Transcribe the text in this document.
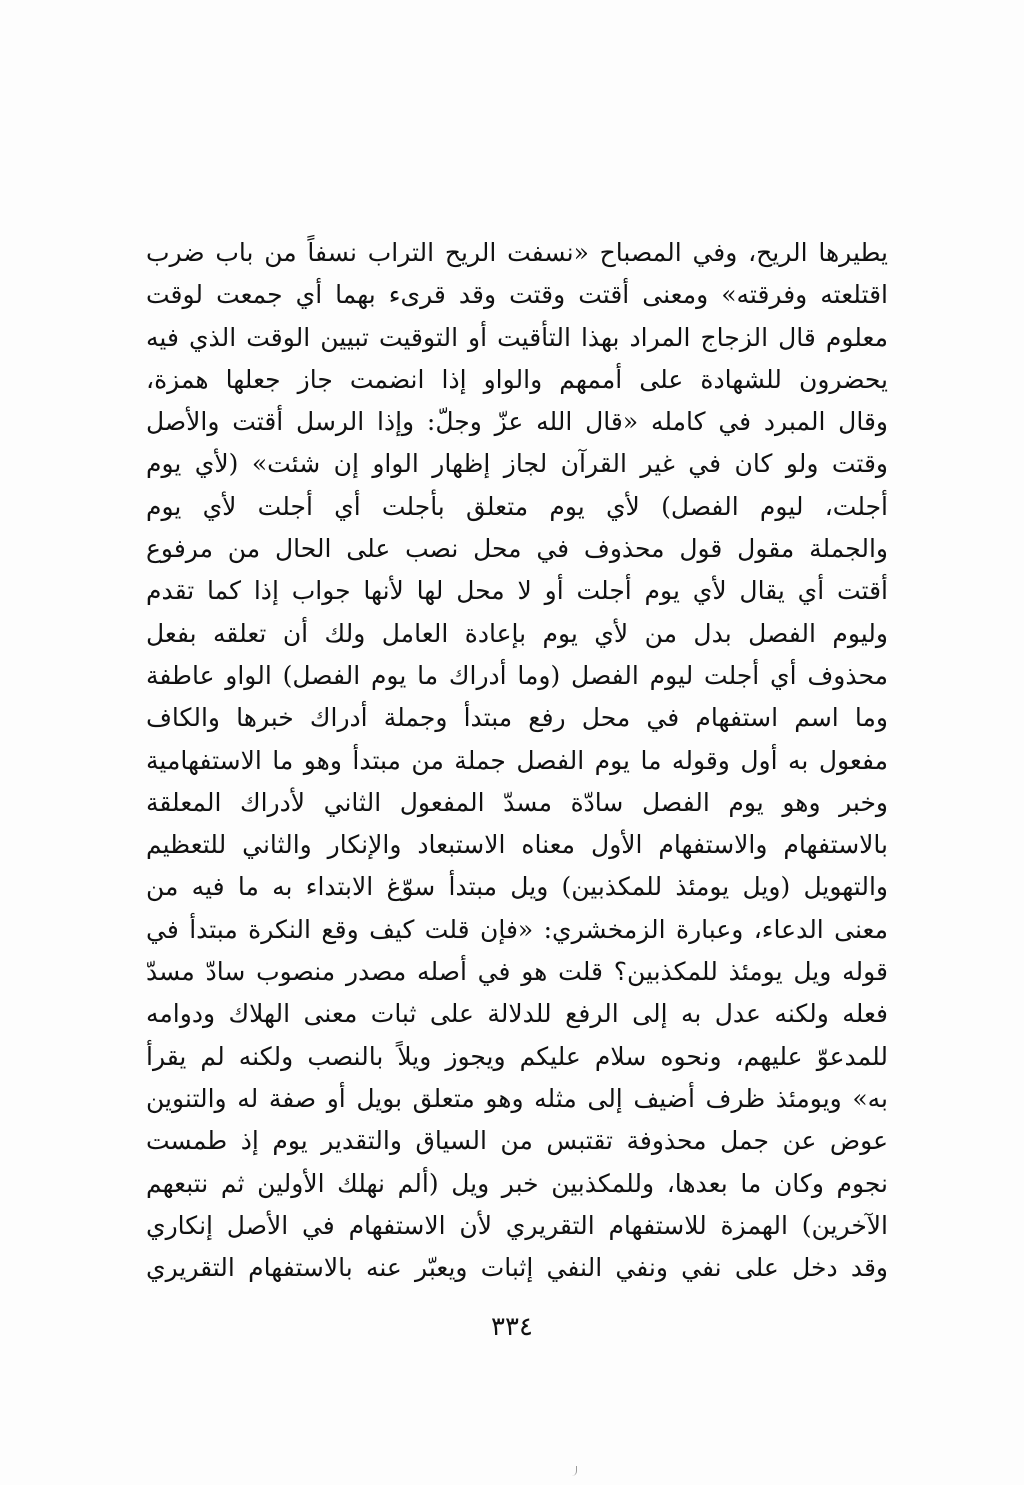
يطيرها الريح، وفي المصباح «نسفت الريح التراب نسفاً من باب ضرب
اقتلعته وفرقته» ومعنى أقتت وقتت وقد قرىء بهما أي جمعت لوقت
معلوم قال الزجاج المراد بهذا التأقيت أو التوقيت تبيين الوقت الذي فيه
يحضرون للشهادة على أممهم والواو إذا انضمت جاز جعلها همزة،
وقال المبرد في كامله «قال الله عزّ وجلّ: وإذا الرسل أقتت والأصل
وقتت ولو كان في غير القرآن لجاز إظهار الواو إن شئت» (لأي يوم
أجلت، ليوم الفصل) لأي يوم متعلق بأجلت أي أجلت لأي يوم
والجملة مقول قول محذوف في محل نصب على الحال من مرفوع
أقتت أي يقال لأي يوم أجلت أو لا محل لها لأنها جواب إذا كما تقدم
وليوم الفصل بدل من لأي يوم بإعادة العامل ولك أن تعلقه بفعل
محذوف أي أجلت ليوم الفصل (وما أدراك ما يوم الفصل) الواو عاطفة
وما اسم استفهام في محل رفع مبتدأ وجملة أدراك خبرها والكاف
مفعول به أول وقوله ما يوم الفصل جملة من مبتدأ وهو ما الاستفهامية
وخبر وهو يوم الفصل سادّة مسدّ المفعول الثاني لأدراك المعلقة
بالاستفهام والاستفهام الأول معناه الاستبعاد والإنكار والثاني للتعظيم
والتهويل (ويل يومئذ للمكذبين) ويل مبتدأ سوّغ الابتداء به ما فيه من
معنى الدعاء، وعبارة الزمخشري: «فإن قلت كيف وقع النكرة مبتدأ في
قوله ويل يومئذ للمكذبين؟ قلت هو في أصله مصدر منصوب سادّ مسدّ
فعله ولكنه عدل به إلى الرفع للدلالة على ثبات معنى الهلاك ودوامه
للمدعوّ عليهم، ونحوه سلام عليكم ويجوز ويلاً بالنصب ولكنه لم يقرأ
به» ويومئذ ظرف أضيف إلى مثله وهو متعلق بويل أو صفة له والتنوين
عوض عن جمل محذوفة تقتبس من السياق والتقدير يوم إذ طمست
نجوم وكان ما بعدها، وللمكذبين خبر ويل (ألم نهلك الأولين ثم نتبعهم
الآخرين) الهمزة للاستفهام التقريري لأن الاستفهام في الأصل إنكاري
وقد دخل على نفي ونفي النفي إثبات ويعبّر عنه بالاستفهام التقريري
٣٣٤
